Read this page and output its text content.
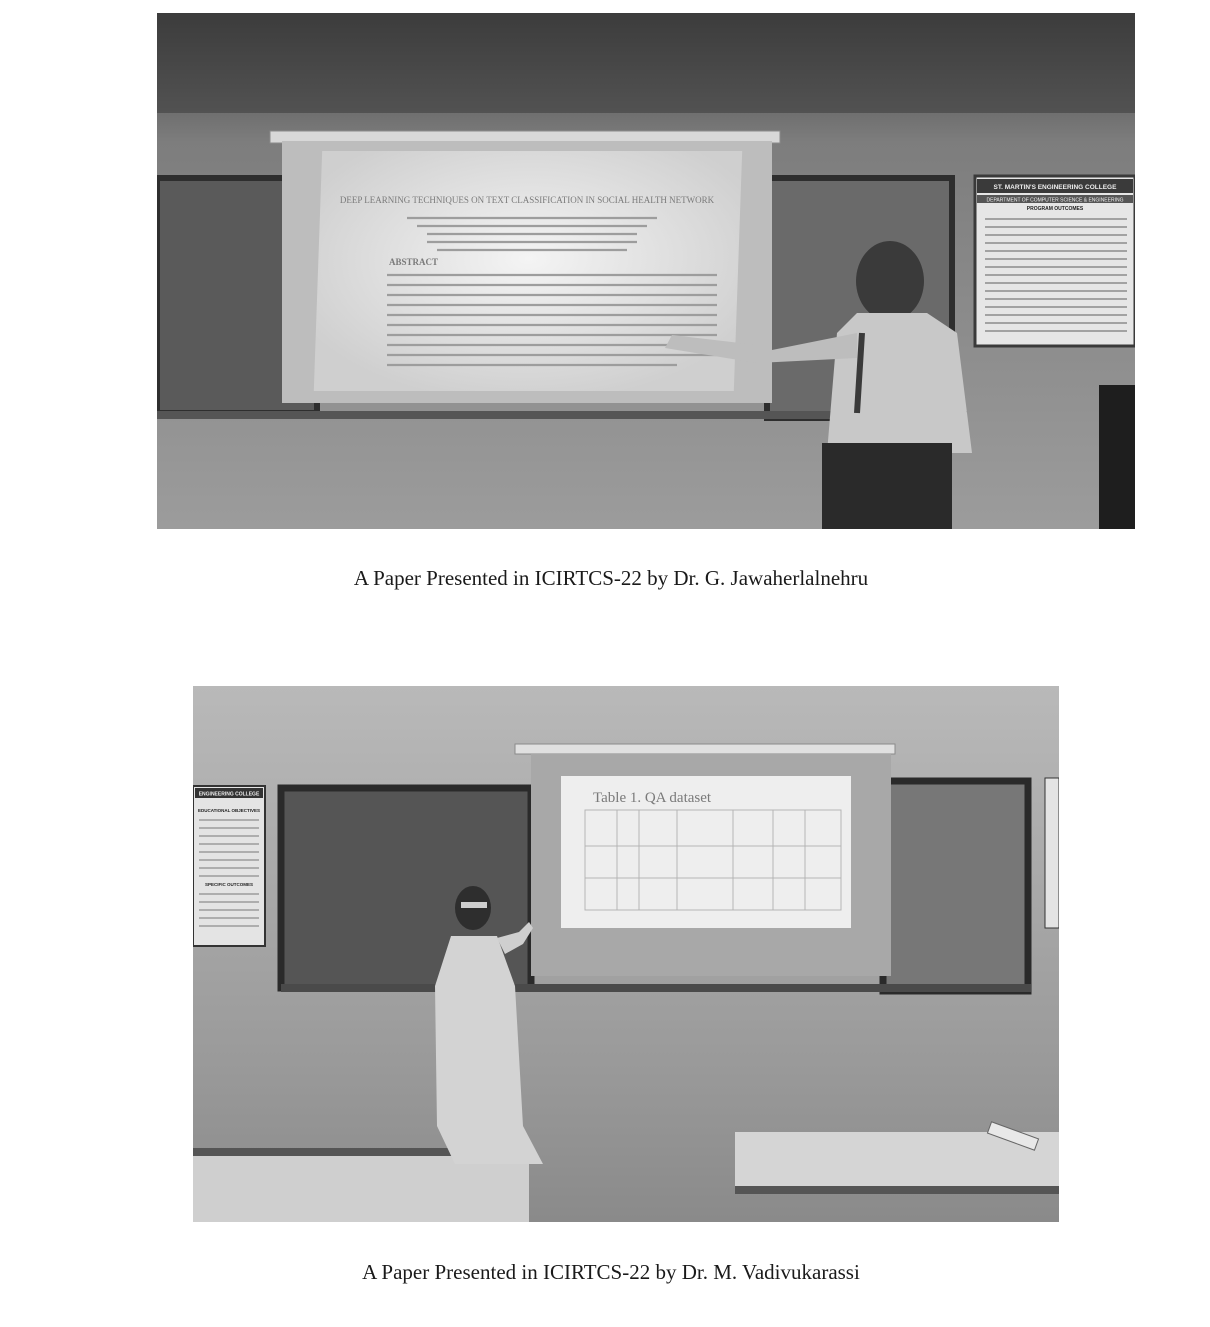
DEEP LEARNING TECHNIQUES ON TEXT CLASSIFICATION IN SOCIAL HEALTH NETWORK
ABSTRACT
ST. MARTIN'S ENGINEERING COLLEGE
DEPARTMENT OF COMPUTER SCIENCE & ENGINEERING
PROGRAM OUTCOMES
A Paper Presented in ICIRTCS-22 by Dr. G. Jawaherlalnehru
ENGINEERING COLLEGE
EDUCATIONAL OBJECTIVES
SPECIFIC OUTCOMES
Table 1. QA dataset
A Paper Presented in ICIRTCS-22 by Dr. M. Vadivukarassi
